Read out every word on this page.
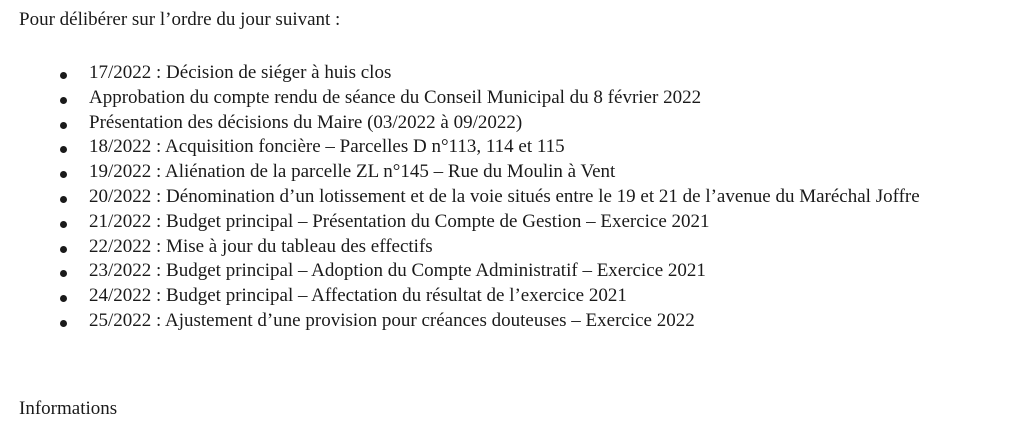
Pour délibérer sur l’ordre du jour suivant :
17/2022 : Décision de siéger à huis clos
Approbation du compte rendu de séance du Conseil Municipal du 8 février 2022
Présentation des décisions du Maire (03/2022 à 09/2022)
18/2022 : Acquisition foncière – Parcelles D n°113, 114 et 115
19/2022 : Aliénation de la parcelle ZL n°145 – Rue du Moulin à Vent
20/2022 : Dénomination d’un lotissement et de la voie situés entre le 19 et 21 de l’avenue du Maréchal Joffre
21/2022 : Budget principal – Présentation du Compte de Gestion – Exercice 2021
22/2022 : Mise à jour du tableau des effectifs
23/2022 : Budget principal – Adoption du Compte Administratif – Exercice 2021
24/2022 : Budget principal – Affectation du résultat de l’exercice 2021
25/2022 : Ajustement d’une provision pour créances douteuses – Exercice 2022
Informations
